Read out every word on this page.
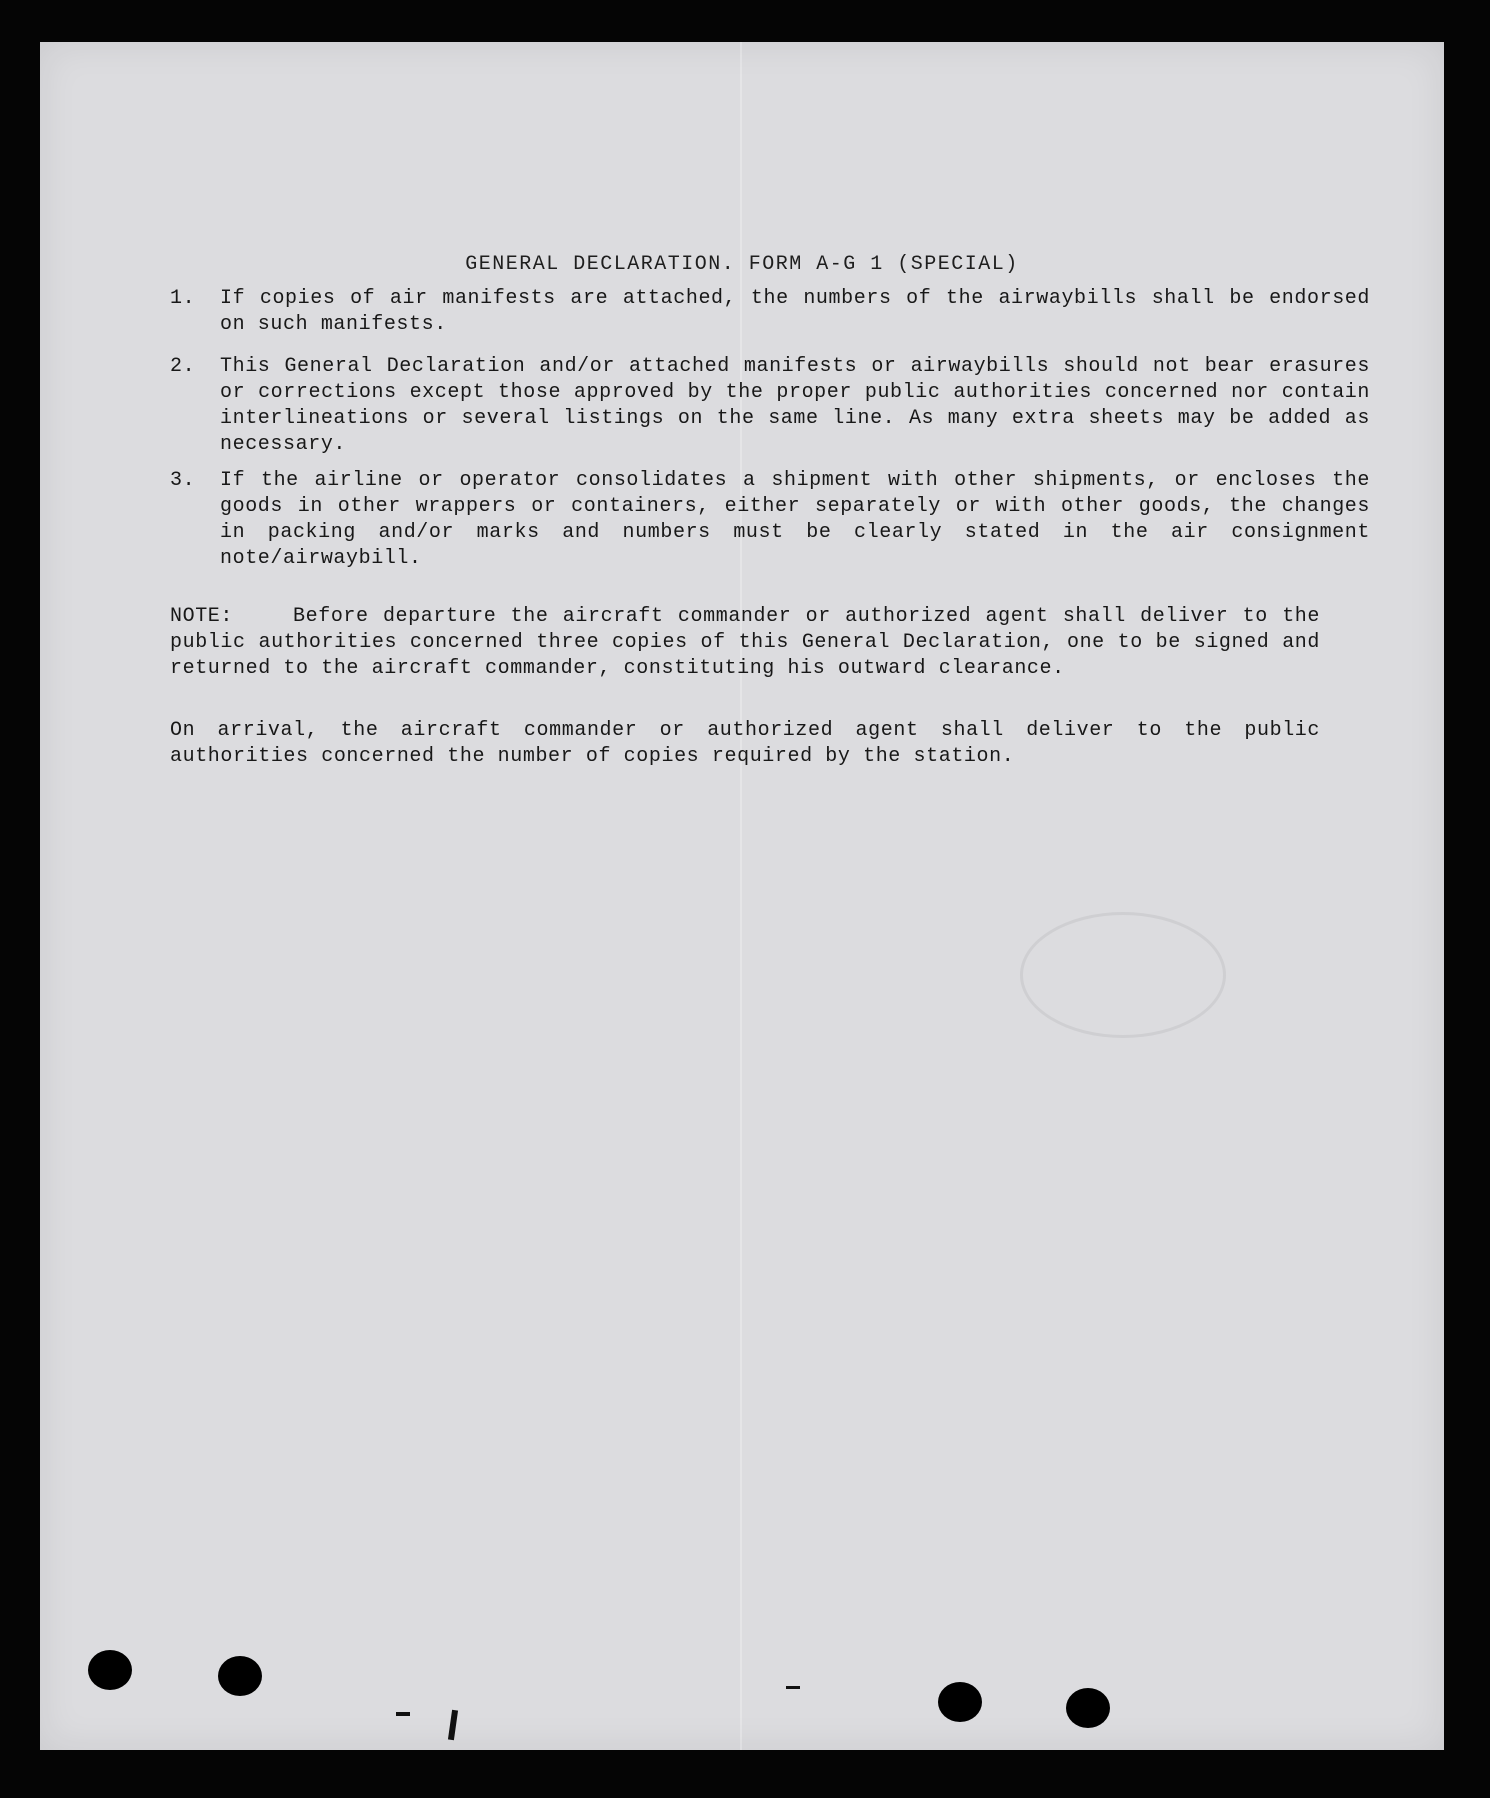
GENERAL DECLARATION. FORM A-G 1 (SPECIAL)
1.	If copies of air manifests are attached, the numbers of the airwaybills shall be endorsed on such manifests.
2.	This General Declaration and/or attached manifests or airwaybills should not bear erasures or corrections except those approved by the proper public authorities concerned nor contain interlineations or several listings on the same line. As many extra sheets may be added as necessary.
3.	If the airline or operator consolidates a shipment with other shipments, or encloses the goods in other wrappers or containers, either separately or with other goods, the changes in packing and/or marks and numbers must be clearly stated in the air consignment note/airwaybill.
NOTE:	Before departure the aircraft commander or authorized agent shall deliver to the public authorities concerned three copies of this General Declaration, one to be signed and returned to the aircraft commander, constituting his outward clearance.
On arrival, the aircraft commander or authorized agent shall deliver to the public authorities concerned the number of copies required by the station.
